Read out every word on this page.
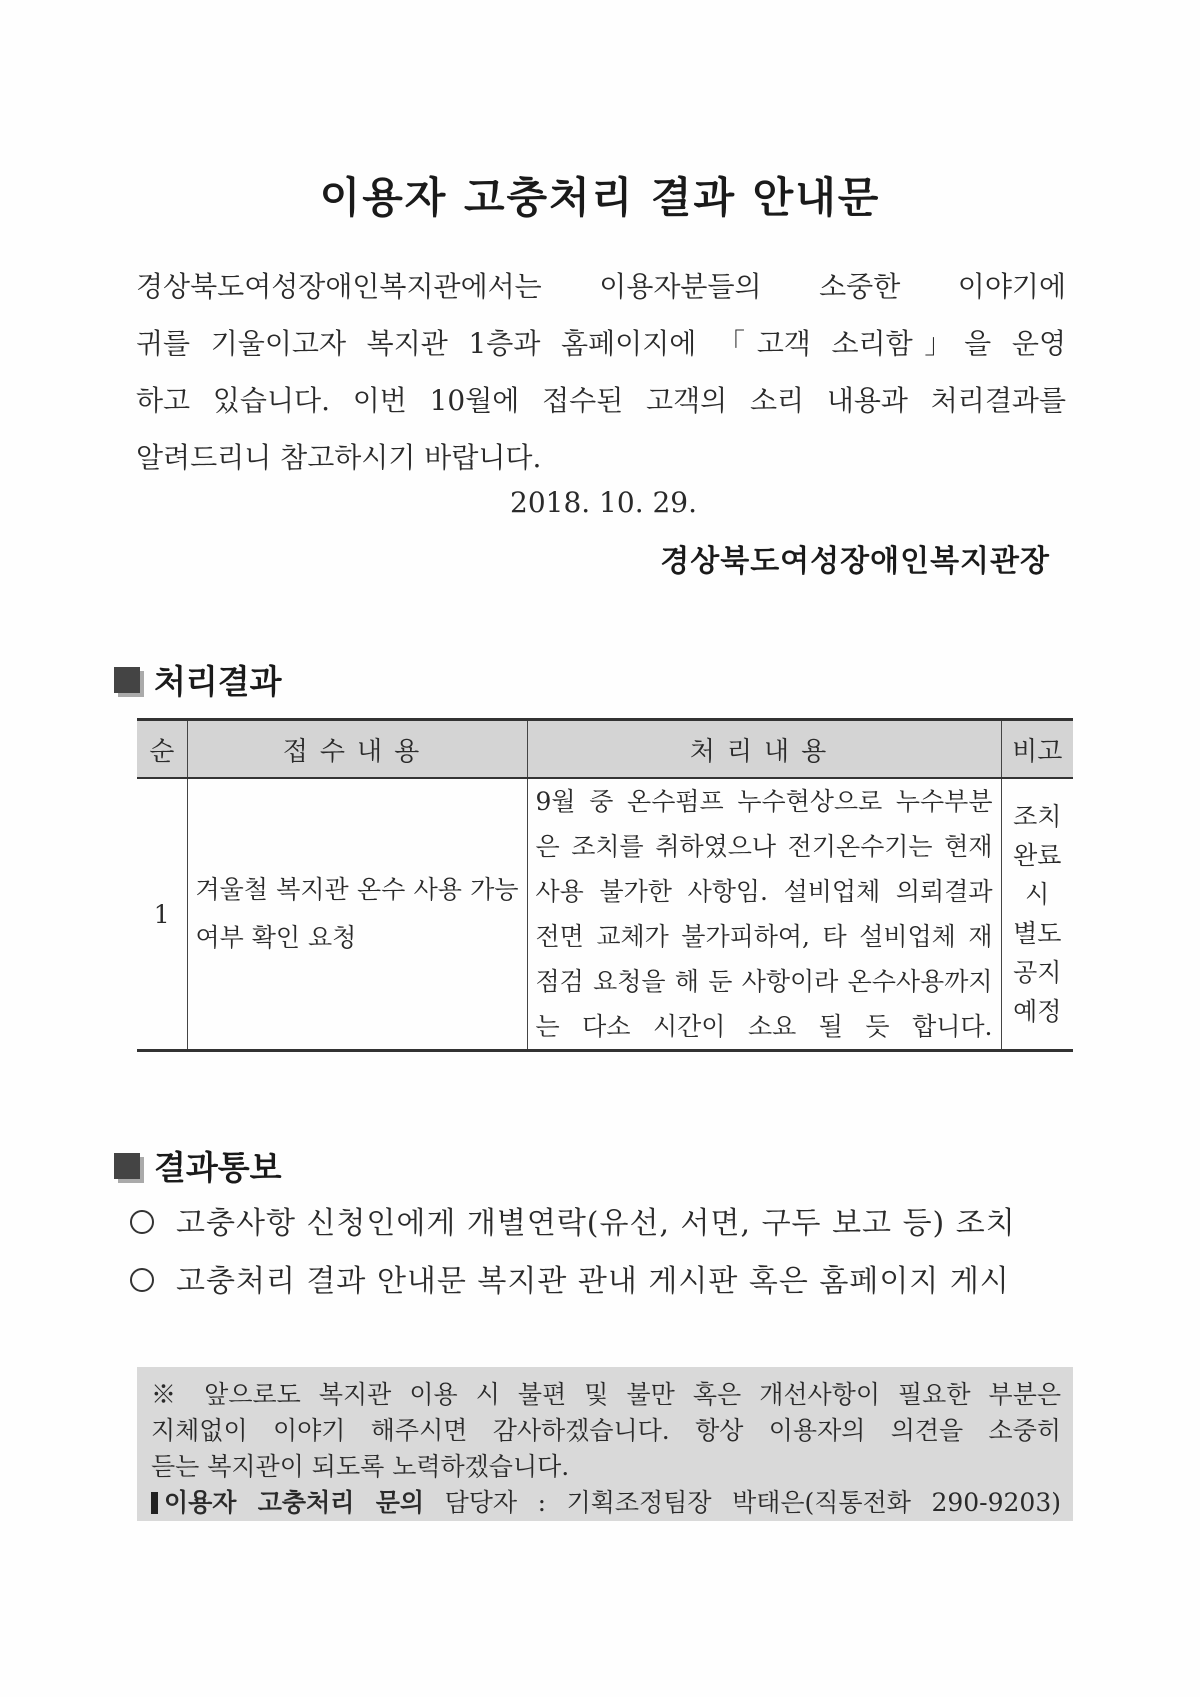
이용자 고충처리 결과 안내문
경상북도여성장애인복지관에서는 이용자분들의 소중한 이야기에
귀를 기울이고자 복지관 1층과 홈페이지에 「고객 소리함」을 운영
하고 있습니다. 이번 10월에 접수된 고객의 소리 내용과 처리결과를
알려드리니 참고하시기 바랍니다.
2018. 10. 29.
경상북도여성장애인복지관장
처리결과
순	접수내용	처리내용	비고
1	겨울철 복지관 온수 사용 가능 여부 확인 요청	9월 중 온수펌프 누수현상으로 누수부분은 조치를 취하였으나 전기온수기는 현재 사용 불가한 사항임. 설비업체 의뢰결과 전면 교체가 불가피하여, 타 설비업체 재점검 요청을 해 둔 사항이라 온수사용까지는 다소 시간이 소요 될 듯 합니다.	조치 완료 시 별도 공지 예정
결과통보
고충사항 신청인에게 개별연락(유선, 서면, 구두 보고 등) 조치
고충처리 결과 안내문 복지관 관내 게시판 혹은 홈페이지 게시
※ 앞으로도 복지관 이용 시 불편 및 불만 혹은 개선사항이 필요한 부분은
지체없이 이야기 해주시면 감사하겠습니다. 항상 이용자의 의견을 소중히
듣는 복지관이 되도록 노력하겠습니다.
이용자 고충처리 문의 담당자 : 기획조정팀장 박태은(직통전화 290-9203)
